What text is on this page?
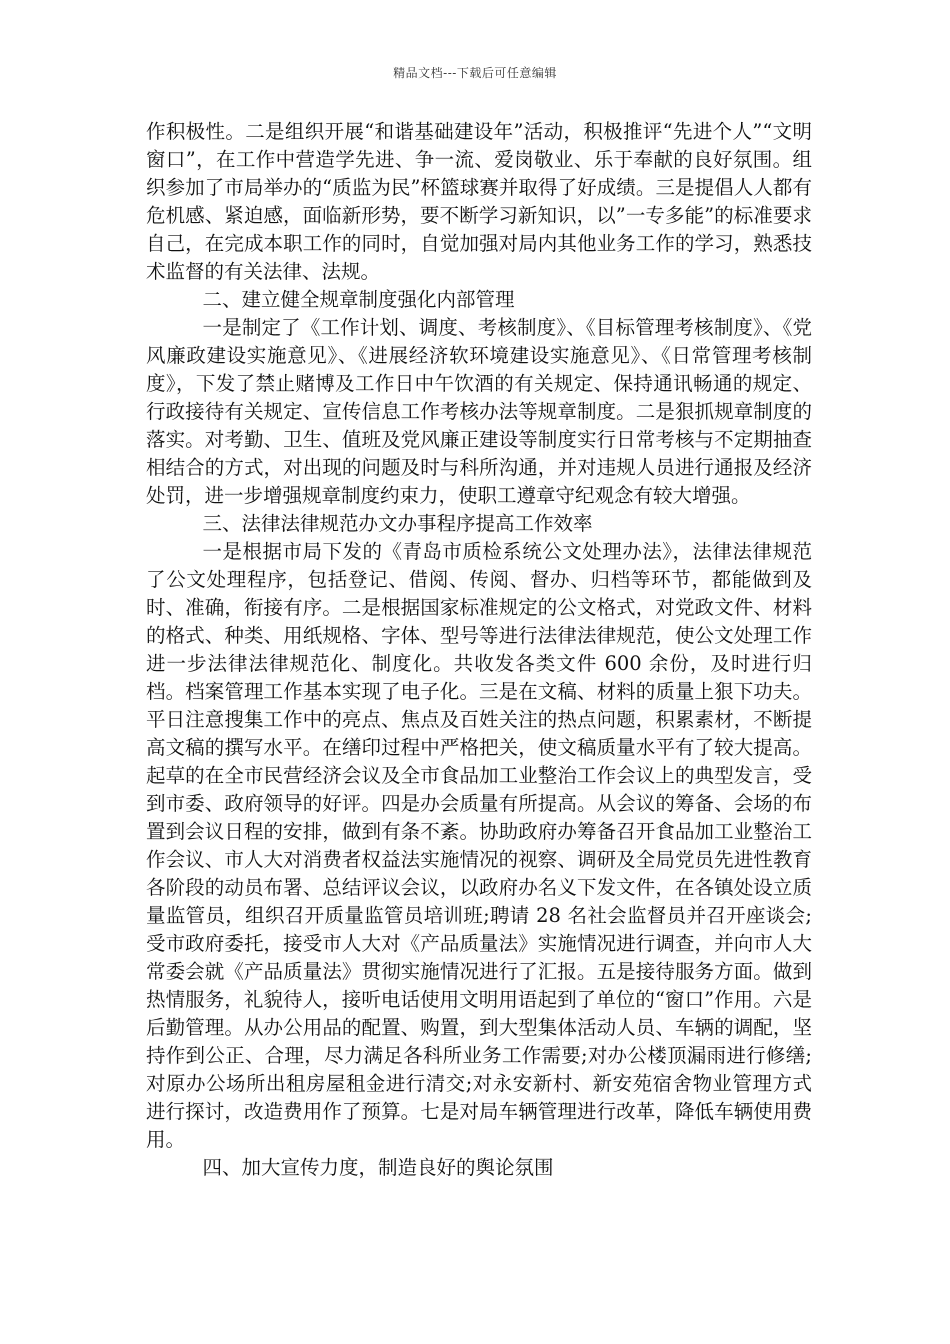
精品文档---下载后可任意编辑

作积极性。二是组织开展“和谐基础建设年”活动，积极推评“先进个人”“文明窗口”，在工作中营造学先进、争一流、爱岗敬业、乐于奉献的良好氛围。组织参加了市局举办的“质监为民”杯篮球赛并取得了好成绩。三是提倡人人都有危机感、紧迫感，面临新形势，要不断学习新知识，以”一专多能”的标准要求自己，在完成本职工作的同时，自觉加强对局内其他业务工作的学习，熟悉技术监督的有关法律、法规。

二、建立健全规章制度强化内部管理

一是制定了《工作计划、调度、考核制度》、《目标管理考核制度》、《党风廉政建设实施意见》、《进展经济软环境建设实施意见》、《日常管理考核制度》，下发了禁止赌博及工作日中午饮酒的有关规定、保持通讯畅通的规定、行政接待有关规定、宣传信息工作考核办法等规章制度。二是狠抓规章制度的落实。对考勤、卫生、值班及党风廉正建设等制度实行日常考核与不定期抽查相结合的方式，对出现的问题及时与科所沟通，并对违规人员进行通报及经济处罚，进一步增强规章制度约束力，使职工遵章守纪观念有较大增强。

三、法律法律规范办文办事程序提高工作效率

一是根据市局下发的《青岛市质检系统公文处理办法》，法律法律规范了公文处理程序，包括登记、借阅、传阅、督办、归档等环节，都能做到及时、准确，衔接有序。二是根据国家标准规定的公文格式，对党政文件、材料的格式、种类、用纸规格、字体、型号等进行法律法律规范，使公文处理工作进一步法律法律规范化、制度化。共收发各类文件 600 余份，及时进行归档。档案管理工作基本实现了电子化。三是在文稿、材料的质量上狠下功夫。平日注意搜集工作中的亮点、焦点及百姓关注的热点问题，积累素材，不断提高文稿的撰写水平。在缮印过程中严格把关，使文稿质量水平有了较大提高。起草的在全市民营经济会议及全市食品加工业整治工作会议上的典型发言，受到市委、政府领导的好评。四是办会质量有所提高。从会议的筹备、会场的布置到会议日程的安排，做到有条不紊。协助政府办筹备召开食品加工业整治工作会议、市人大对消费者权益法实施情况的视察、调研及全局党员先进性教育各阶段的动员布署、总结评议会议，以政府办名义下发文件，在各镇处设立质量监管员，组织召开质量监管员培训班;聘请 28 名社会监督员并召开座谈会;受市政府委托，接受市人大对《产品质量法》实施情况进行调查，并向市人大常委会就《产品质量法》贯彻实施情况进行了汇报。五是接待服务方面。做到热情服务，礼貌待人，接听电话使用文明用语起到了单位的“窗口”作用。六是后勤管理。从办公用品的配置、购置，到大型集体活动人员、车辆的调配，坚持作到公正、合理，尽力满足各科所业务工作需要;对办公楼顶漏雨进行修缮;对原办公场所出租房屋租金进行清交;对永安新村、新安苑宿舍物业管理方式进行探讨，改造费用作了预算。七是对局车辆管理进行改革，降低车辆使用费用。

四、加大宣传力度，制造良好的舆论氛围
